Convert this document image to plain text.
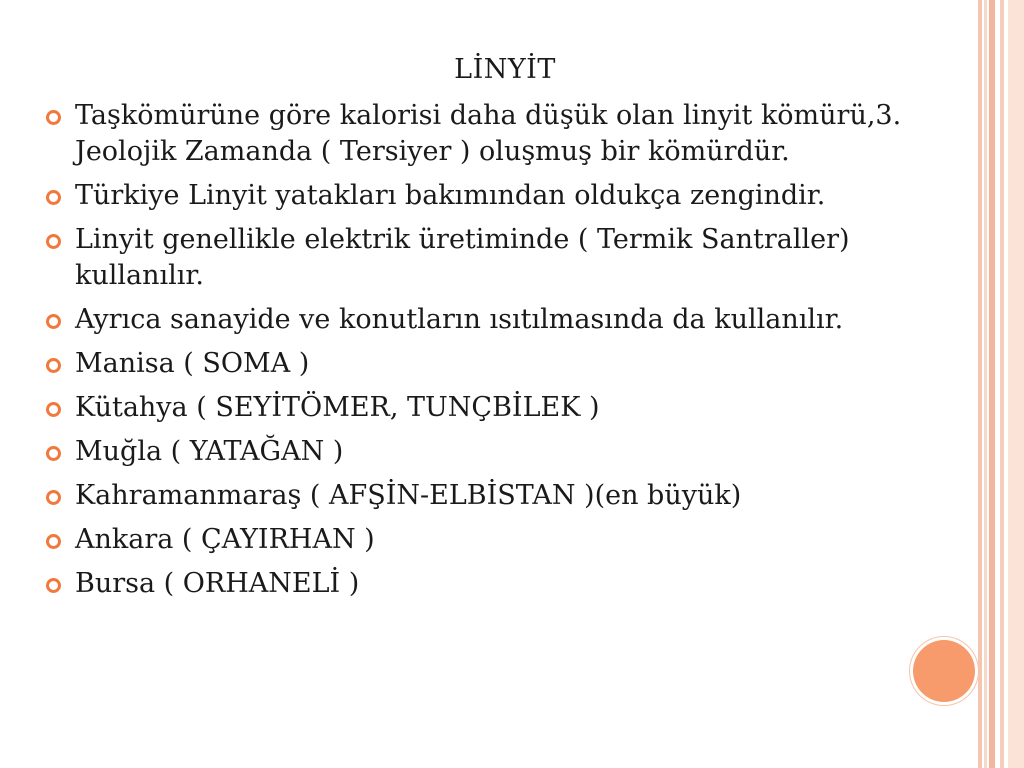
LİNYİT
Taşkömürüne göre kalorisi daha düşük olan linyit kömürü,3. Jeolojik Zamanda ( Tersiyer ) oluşmuş bir kömürdür.
Türkiye Linyit yatakları bakımından oldukça zengindir.
Linyit genellikle elektrik üretiminde ( Termik Santraller) kullanılır.
Ayrıca sanayide ve konutların ısıtılmasında da kullanılır.
Manisa ( SOMA )
Kütahya ( SEYİTÖMER, TUNÇBİLEK )
Muğla ( YATAĞAN )
Kahramanmaraş ( AFŞİN-ELBİSTAN )(en büyük)
Ankara ( ÇAYIRHAN )
Bursa ( ORHANELİ )
